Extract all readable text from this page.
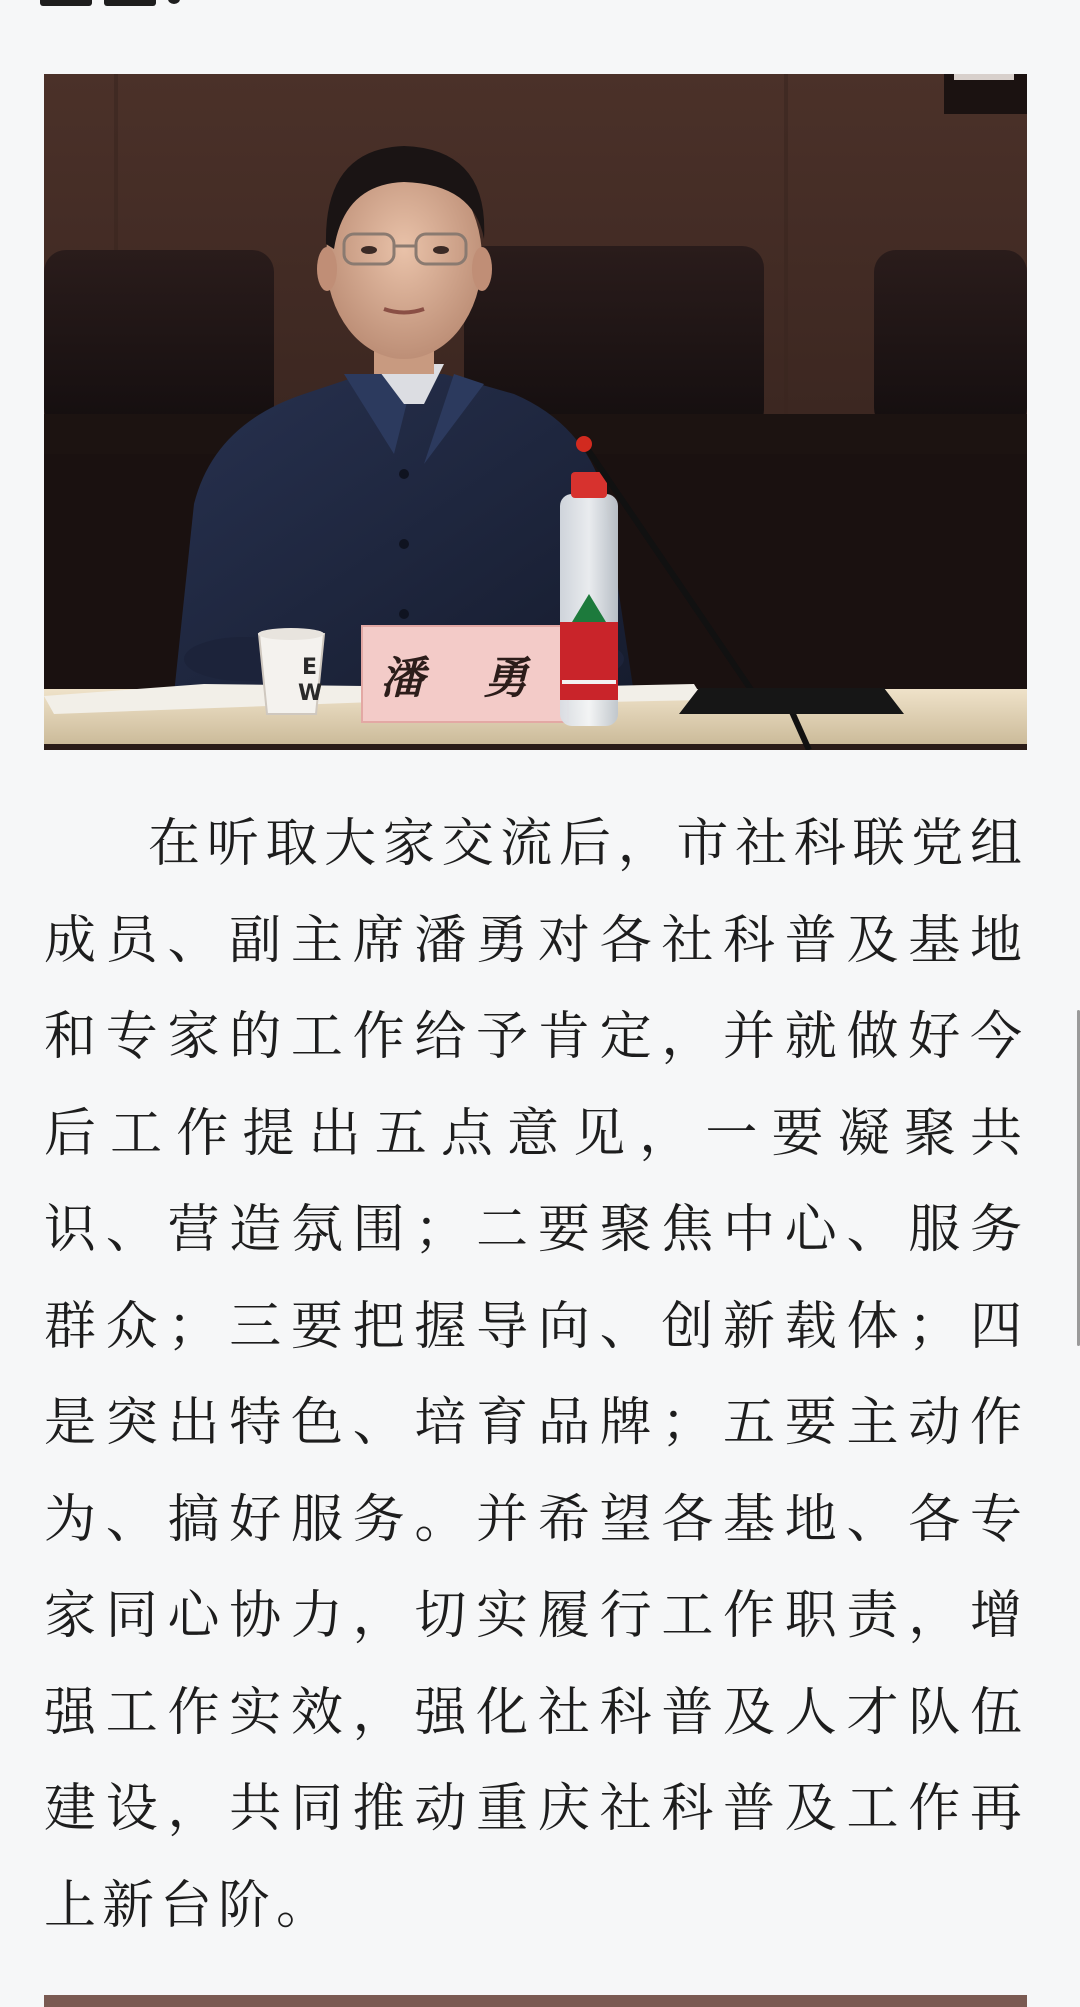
E
W	潘 勇

在听取大家交流后，市社科联党组成员、副主席潘勇对各社科普及基地和专家的工作给予肯定，并就做好今后工作提出五点意见，一要凝聚共识、营造氛围；二要聚焦中心、服务群众；三要把握导向、创新载体；四是突出特色、培育品牌；五要主动作为、搞好服务。并希望各基地、各专家同心协力，切实履行工作职责，增强工作实效，强化社科普及人才队伍建设，共同推动重庆社科普及工作再上新台阶。
